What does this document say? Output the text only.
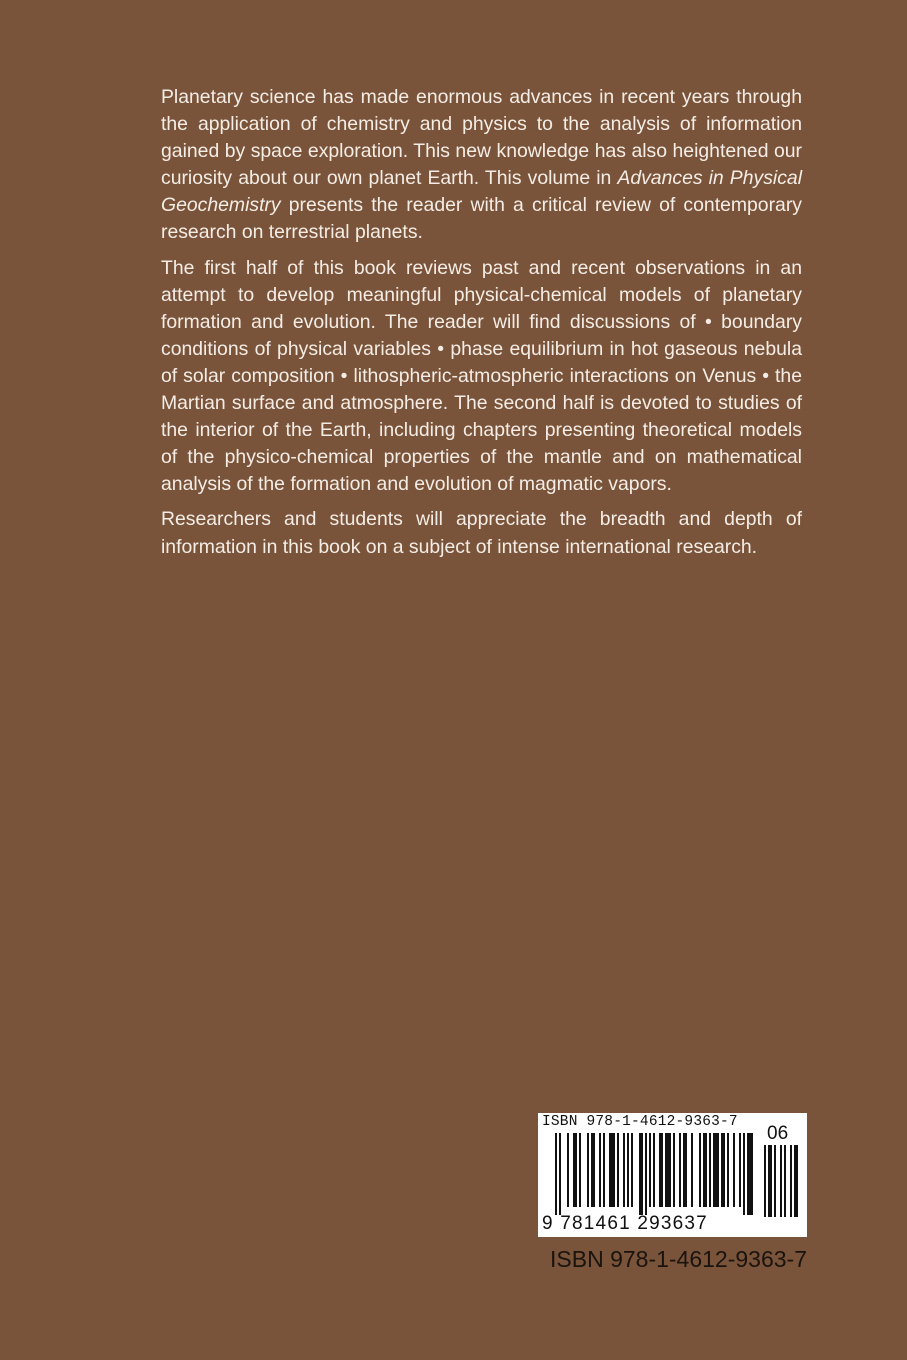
Planetary science has made enormous advances in recent years through the application of chemistry and physics to the analysis of information gained by space exploration. This new knowledge has also heightened our curiosity about our own planet Earth. This volume in Advances in Physical Geochemistry presents the reader with a critical review of contemporary research on terrestrial planets.

The first half of this book reviews past and recent observations in an attempt to develop meaningful physical-chemical models of planetary formation and evolution. The reader will find discussions of • boundary conditions of physical variables • phase equilibrium in hot gaseous nebula of solar composition • lithospheric-atmospheric interactions on Venus • the Martian surface and atmosphere. The second half is devoted to studies of the interior of the Earth, including chapters presenting theoretical models of the physico-chemical properties of the mantle and on mathematical analysis of the formation and evolution of magmatic vapors.

Researchers and students will appreciate the breadth and depth of information in this book on a subject of intense international research.

ISBN 978-1-4612-9363-7
06
9 781461 293637
ISBN 978-1-4612-9363-7
